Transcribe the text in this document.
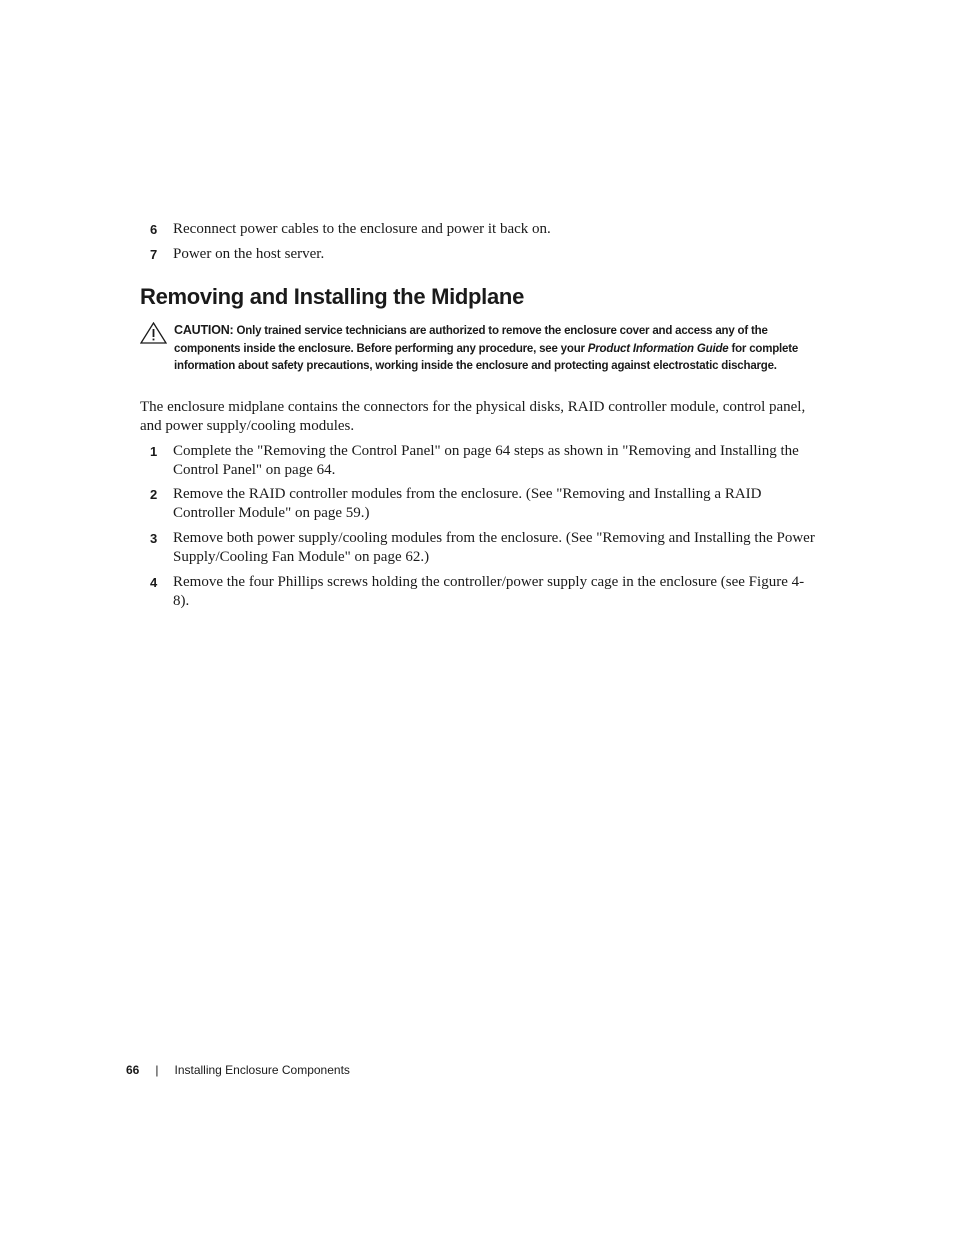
6 Reconnect power cables to the enclosure and power it back on.
7 Power on the host server.
Removing and Installing the Midplane
CAUTION: Only trained service technicians are authorized to remove the enclosure cover and access any of the components inside the enclosure. Before performing any procedure, see your Product Information Guide for complete information about safety precautions, working inside the enclosure and protecting against electrostatic discharge.

The enclosure midplane contains the connectors for the physical disks, RAID controller module, control panel, and power supply/cooling modules.

1 Complete the "Removing the Control Panel" on page 64 steps as shown in "Removing and Installing the Control Panel" on page 64.
2 Remove the RAID controller modules from the enclosure. (See "Removing and Installing a RAID Controller Module" on page 59.)
3 Remove both power supply/cooling modules from the enclosure. (See "Removing and Installing the Power Supply/Cooling Fan Module" on page 62.)
4 Remove the four Phillips screws holding the controller/power supply cage in the enclosure (see Figure 4-8).
66 | Installing Enclosure Components
